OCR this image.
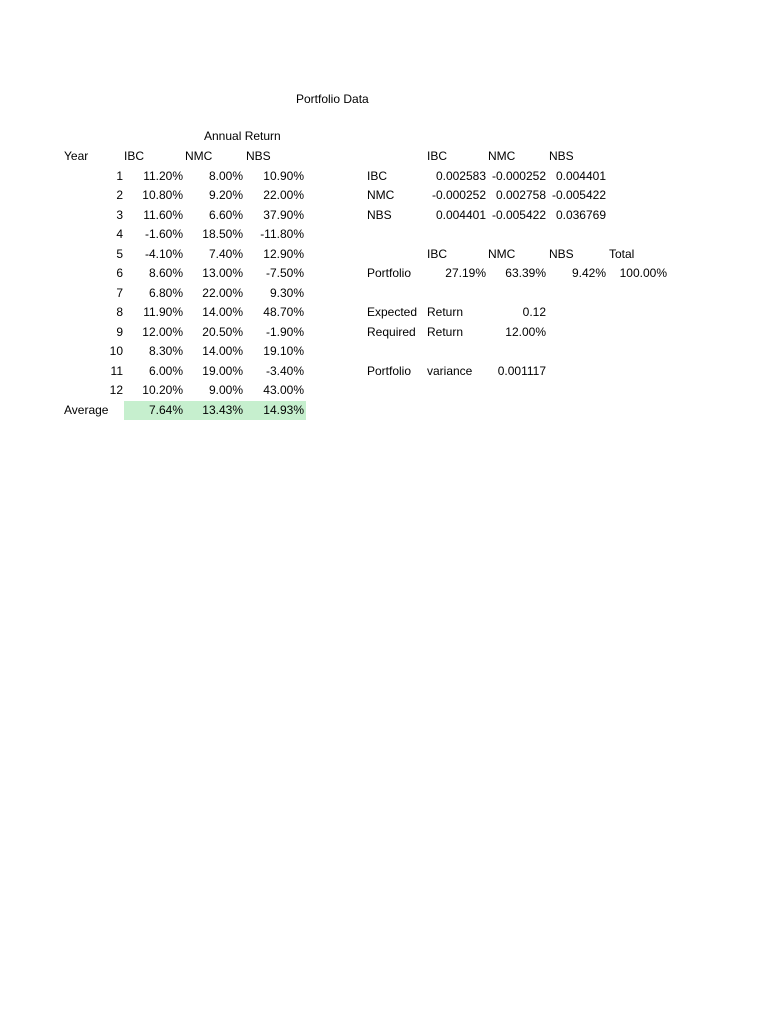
Portfolio Data
Annual Return
Year	IBC	NMC	NBS
1	11.20%	8.00%	10.90%
2	10.80%	9.20%	22.00%
3	11.60%	6.60%	37.90%
4	-1.60%	18.50%	-11.80%
5	-4.10%	7.40%	12.90%
6	8.60%	13.00%	-7.50%
7	6.80%	22.00%	9.30%
8	11.90%	14.00%	48.70%
9	12.00%	20.50%	-1.90%
10	8.30%	14.00%	19.10%
11	6.00%	19.00%	-3.40%
12	10.20%	9.00%	43.00%
Average	7.64%	13.43%	14.93%
IBC	NMC	NBS
IBC	0.002583 -0.000252 0.004401
NMC	-0.000252 0.002758 -0.005422
NBS	0.004401 -0.005422 0.036769
IBC	NMC	NBS	Total
Portfolio	27.19%	63.39%	9.42%	100.00%
Expected Return	0.12
Required Return	12.00%
Portfolio	variance	0.001117
